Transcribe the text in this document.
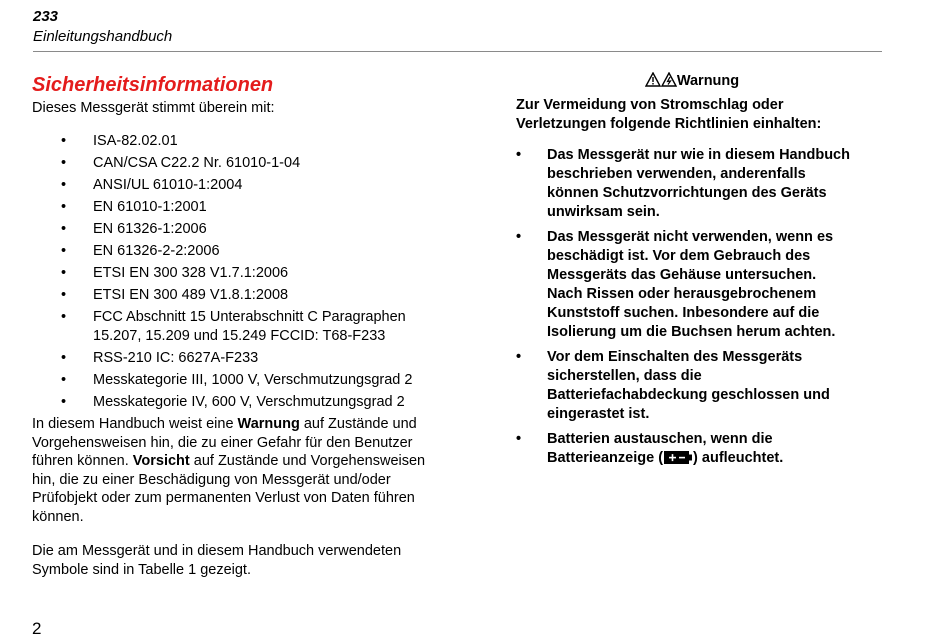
233
Einleitungshandbuch
Sicherheitsinformationen
Dieses Messgerät stimmt überein mit:
• ISA-82.02.01
• CAN/CSA C22.2 Nr. 61010-1-04
• ANSI/UL 61010-1:2004
• EN 61010-1:2001
• EN 61326-1:2006
• EN 61326-2-2:2006
• ETSI EN 300 328 V1.7.1:2006
• ETSI EN 300 489 V1.8.1:2008
• FCC Abschnitt 15 Unterabschnitt C Paragraphen 15.207, 15.209 und 15.249 FCCID: T68-F233
• RSS-210 IC: 6627A-F233
• Messkategorie III, 1000 V, Verschmutzungsgrad 2
• Messkategorie IV, 600 V, Verschmutzungsgrad 2
In diesem Handbuch weist eine Warnung auf Zustände und Vorgehensweisen hin, die zu einer Gefahr für den Benutzer führen können. Vorsicht auf Zustände und Vorgehensweisen hin, die zu einer Beschädigung von Messgerät und/oder Prüfobjekt oder zum permanenten Verlust von Daten führen können.
Die am Messgerät und in diesem Handbuch verwendeten Symbole sind in Tabelle 1 gezeigt.
Warnung
Zur Vermeidung von Stromschlag oder Verletzungen folgende Richtlinien einhalten:
• Das Messgerät nur wie in diesem Handbuch beschrieben verwenden, anderenfalls können Schutzvorrichtungen des Geräts unwirksam sein.
• Das Messgerät nicht verwenden, wenn es beschädigt ist. Vor dem Gebrauch des Messgeräts das Gehäuse untersuchen. Nach Rissen oder herausgebrochenem Kunststoff suchen. Inbesondere auf die Isolierung um die Buchsen herum achten.
• Vor dem Einschalten des Messgeräts sicherstellen, dass die Batteriefachabdeckung geschlossen und eingerastet ist.
• Batterien austauschen, wenn die Batterieanzeige ( ) aufleuchtet.
2
